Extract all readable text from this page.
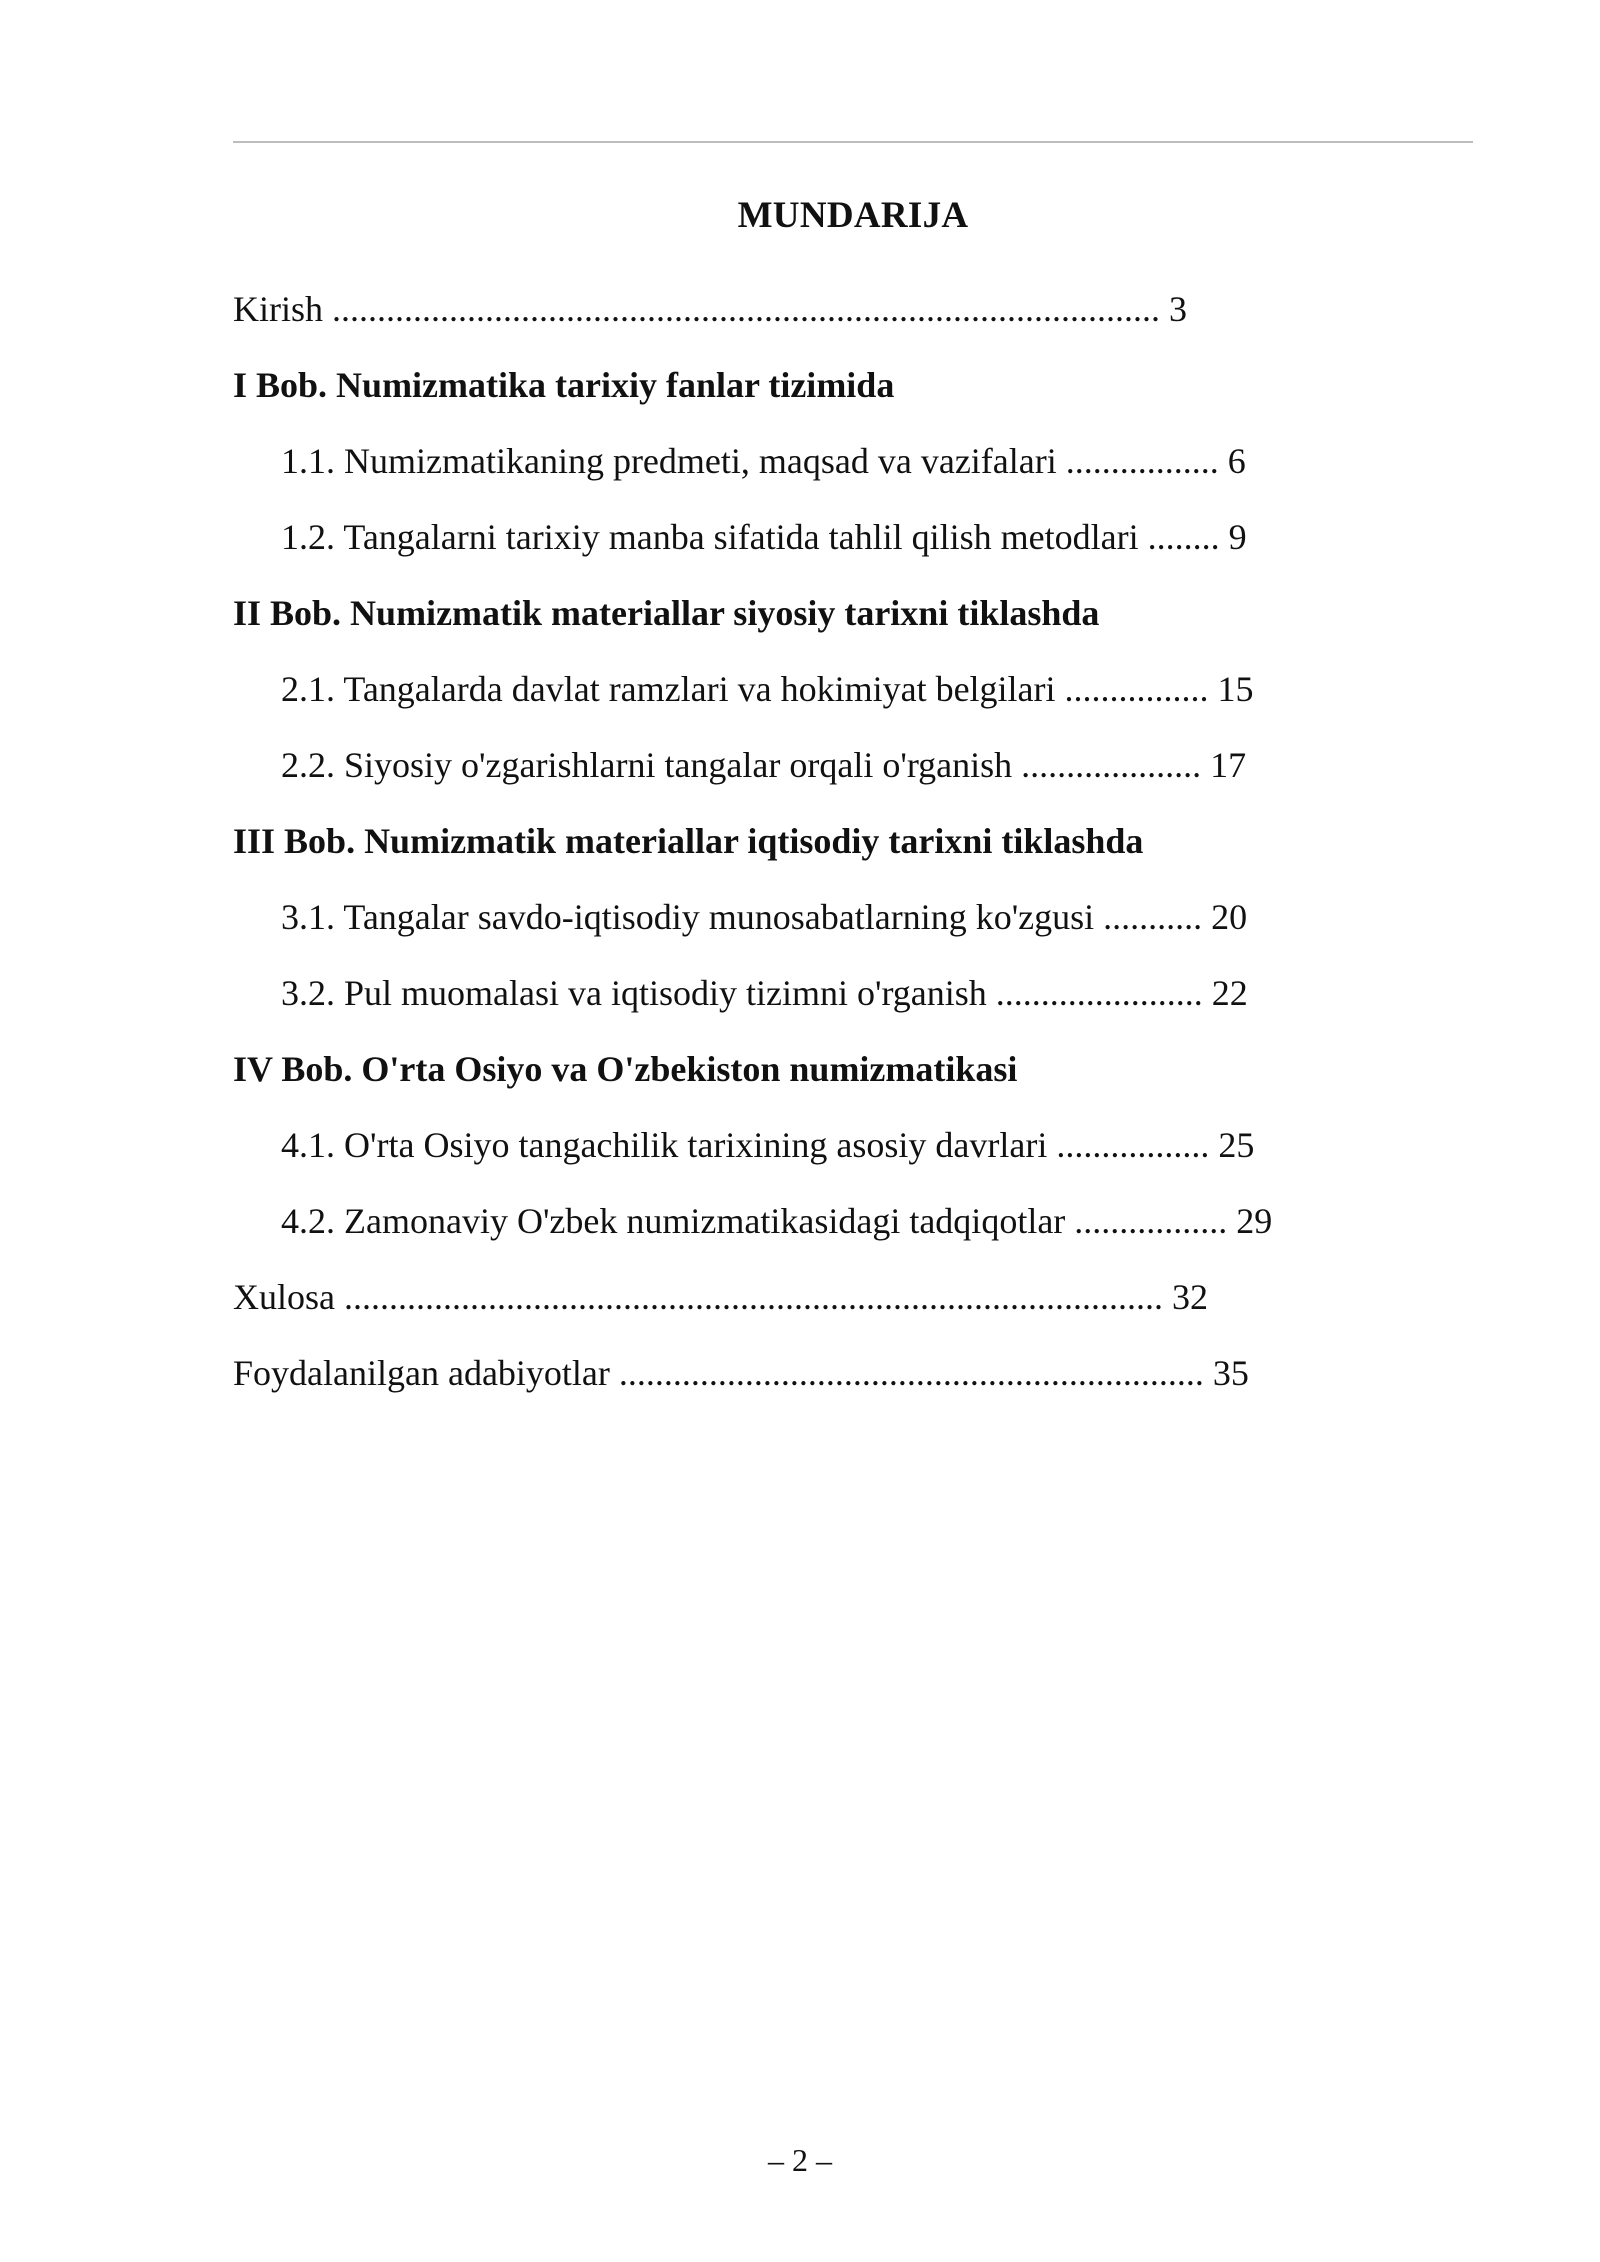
MUNDARIJA
Kirish ............................................................................................ 3
I Bob. Numizmatika tarixiy fanlar tizimida
1.1. Numizmatikaning predmeti, maqsad va vazifalari ................. 6
1.2. Tangalarni tarixiy manba sifatida tahlil qilish metodlari ........ 9
II Bob. Numizmatik materiallar siyosiy tarixni tiklashda
2.1. Tangalarda davlat ramzlari va hokimiyat belgilari ................ 15
2.2. Siyosiy o'zgarishlarni tangalar orqali o'rganish .................... 17
III Bob. Numizmatik materiallar iqtisodiy tarixni tiklashda
3.1. Tangalar savdo-iqtisodiy munosabatlarning ko'zgusi ........... 20
3.2. Pul muomalasi va iqtisodiy tizimni o'rganish ....................... 22
IV Bob. O'rta Osiyo va O'zbekiston numizmatikasi
4.1. O'rta Osiyo tangachilik tarixining asosiy davrlari ................. 25
4.2. Zamonaviy O'zbek numizmatikasidagi tadqiqotlar ................. 29
Xulosa ........................................................................................... 32
Foydalanilgan adabiyotlar ................................................................. 35
– 2 –
